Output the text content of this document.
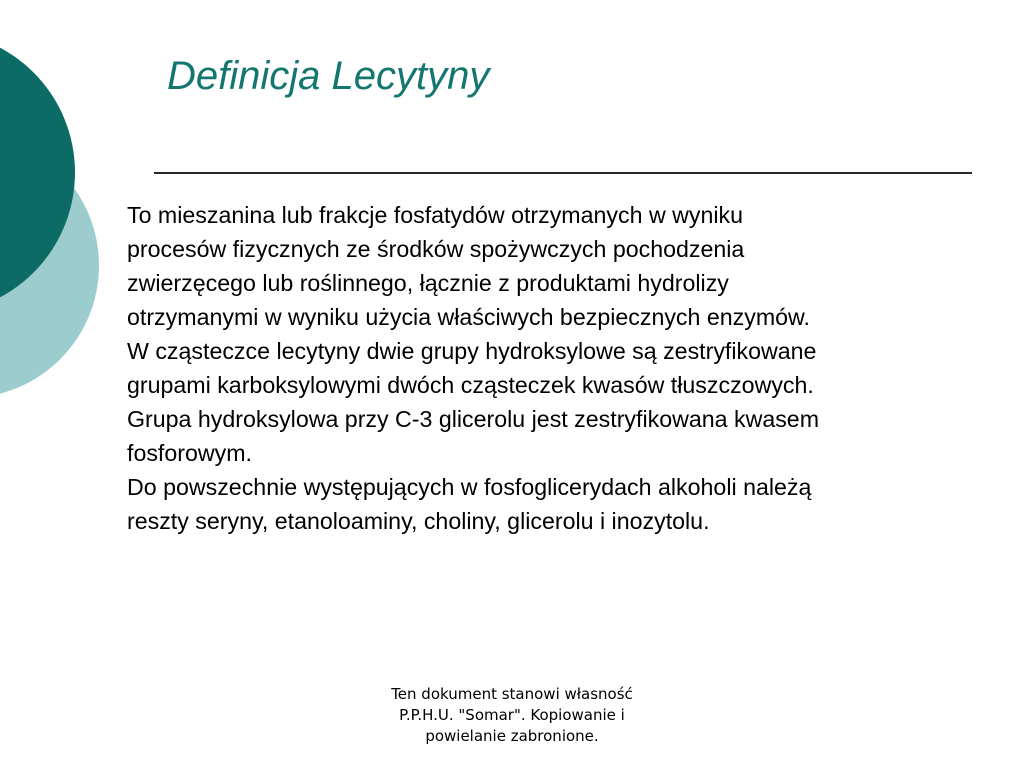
Definicja Lecytyny
To mieszanina lub frakcje fosfatydów otrzymanych w wyniku
procesów fizycznych ze środków spożywczych pochodzenia
zwierzęcego lub roślinnego, łącznie z produktami hydrolizy
otrzymanymi w wyniku użycia właściwych bezpiecznych enzymów.
W cząsteczce lecytyny dwie grupy hydroksylowe są zestryfikowane
grupami karboksylowymi dwóch cząsteczek kwasów tłuszczowych.
Grupa hydroksylowa przy C-3 glicerolu jest zestryfikowana kwasem
fosforowym.
Do powszechnie występujących w fosfoglicerydach alkoholi należą
reszty seryny, etanoloaminy, choliny, glicerolu i inozytolu.
Ten dokument stanowi własność
P.P.H.U. "Somar". Kopiowanie i
powielanie zabronione.
